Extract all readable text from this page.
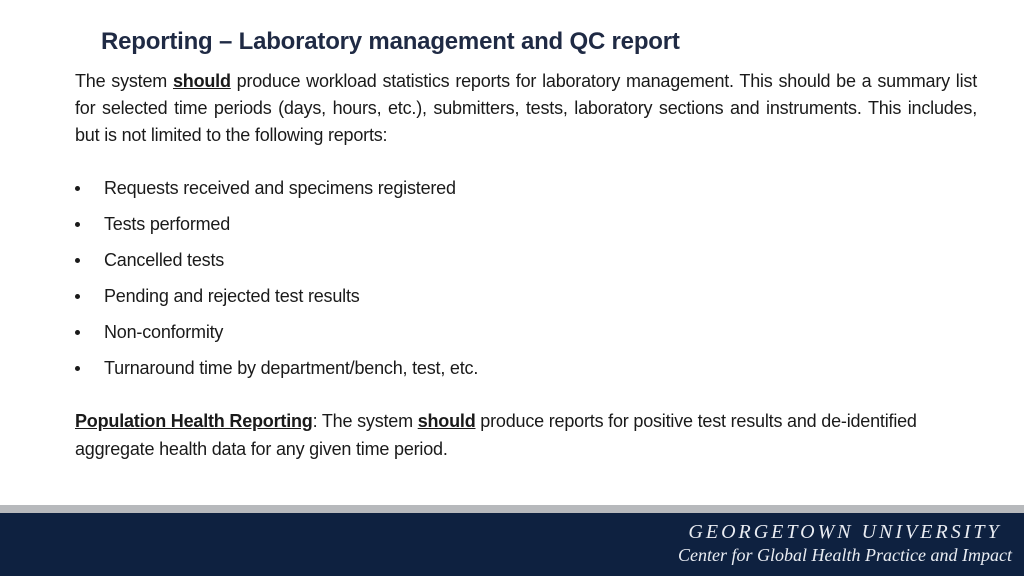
Reporting – Laboratory management and QC report

The system should produce workload statistics reports for laboratory management. This should be a summary list for selected time periods (days, hours, etc.), submitters, tests, laboratory sections and instruments. This includes, but is not limited to the following reports:

Requests received and specimens registered
Tests performed
Cancelled tests
Pending and rejected test results
Non-conformity
Turnaround time by department/bench, test, etc.

Population Health Reporting: The system should produce reports for positive test results and de-identified aggregate health data for any given time period.

GEORGETOWN UNIVERSITY
Center for Global Health Practice and Impact
